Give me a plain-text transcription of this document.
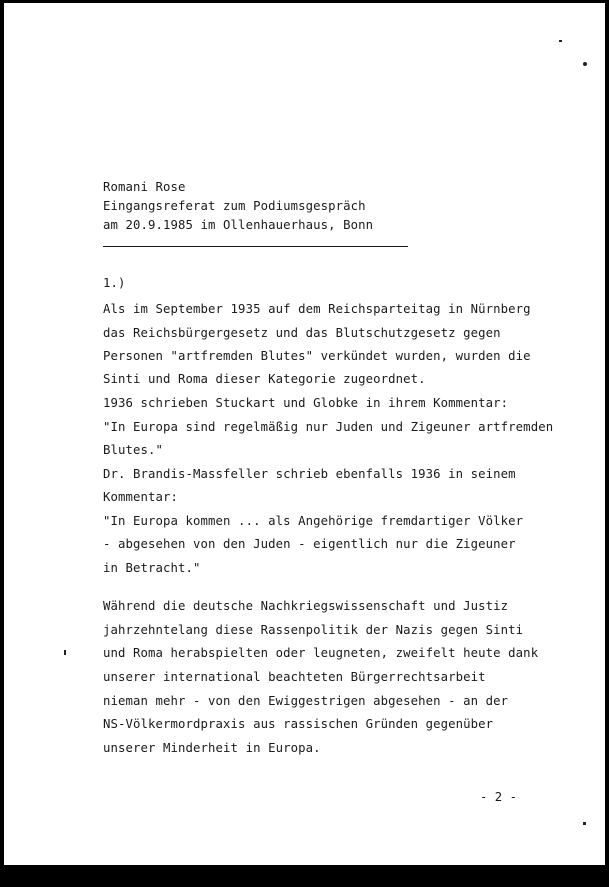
Romani Rose
Eingangsreferat zum Podiumsgespräch
am 20.9.1985 im Ollenhauerhaus, Bonn
1.)
Als im September 1935 auf dem Reichsparteitag in Nürnberg
das Reichsbürgergesetz und das Blutschutzgesetz gegen
Personen "artfremden Blutes" verkündet wurden, wurden die
Sinti und Roma dieser Kategorie zugeordnet.
1936 schrieben Stuckart und Globke in ihrem Kommentar:
"In Europa sind regelmäßig nur Juden und Zigeuner artfremden
Blutes."
Dr. Brandis-Massfeller schrieb ebenfalls 1936 in seinem
Kommentar:
"In Europa kommen ... als Angehörige fremdartiger Völker
- abgesehen von den Juden - eigentlich nur die Zigeuner
in Betracht."
Während die deutsche Nachkriegswissenschaft und Justiz
jahrzehntelang diese Rassenpolitik der Nazis gegen Sinti
und Roma herabspielten oder leugneten, zweifelt heute dank
unserer international beachteten Bürgerrechtsarbeit
nieman mehr - von den Ewiggestrigen abgesehen - an der
NS-Völkermordpraxis aus rassischen Gründen gegenüber
unserer Minderheit in Europa.
- 2 -
